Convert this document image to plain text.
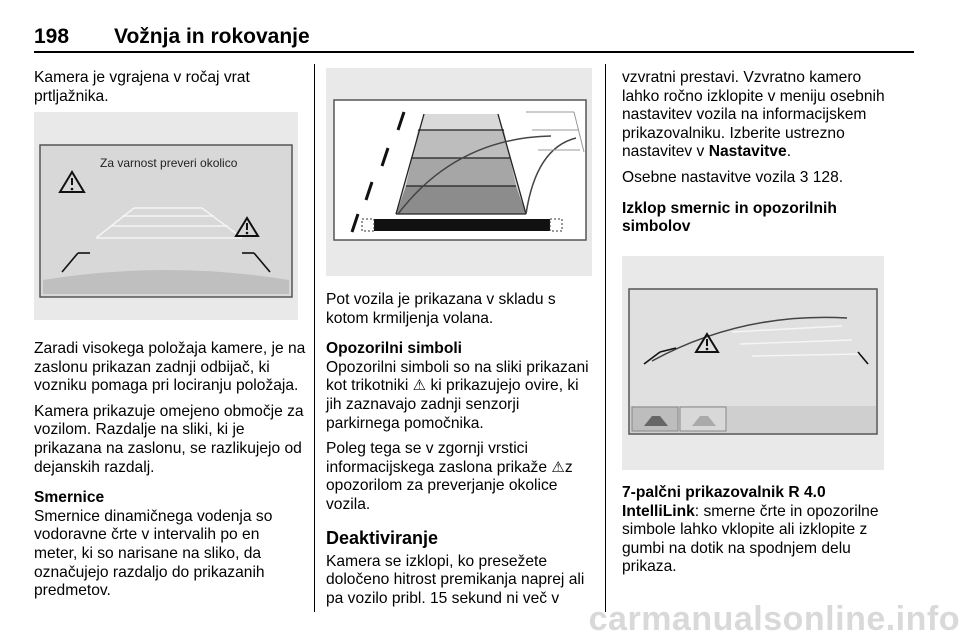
198 Vožnja in rokovanje

Kamera je vgrajena v ročaj vrat prtljažnika.

Za varnost preveri okolico

Zaradi visokega položaja kamere, je na zaslonu prikazan zadnji odbijač, ki vozniku pomaga pri lociranju položaja.

Kamera prikazuje omejeno območje za vozilom. Razdalje na sliki, ki je prikazana na zaslonu, se razlikujejo od dejanskih razdalj.

Smernice

Smernice dinamičnega vodenja so vodoravne črte v intervalih po en meter, ki so narisane na sliko, da označujejo razdaljo do prikazanih predmetov.

Pot vozila je prikazana v skladu s kotom krmiljenja volana.

Opozorilni simboli

Opozorilni simboli so na sliki prikazani kot trikotniki ⚠ ki prikazujejo ovire, ki jih zaznavajo zadnji senzorji parkirnega pomočnika.

Poleg tega se v zgornji vrstici informacijskega zaslona prikaže ⚠z opozorilom za preverjanje okolice vozila.

Deaktiviranje

Kamera se izklopi, ko presežete določeno hitrost premikanja naprej ali pa vozilo pribl. 15 sekund ni več v

vzvratni prestavi. Vzvratno kamero lahko ročno izklopite v meniju osebnih nastavitev vozila na informacijskem prikazovalniku. Izberite ustrezno nastavitev v Nastavitve.

Osebne nastavitve vozila 3 128.

Izklop smernic in opozorilnih simbolov

7-palčni prikazovalnik R 4.0

IntelliLink: smerne črte in opozorilne simbole lahko vklopite ali izklopite z gumbi na dotik na spodnjem delu prikaza.

carmanualsonline.info
